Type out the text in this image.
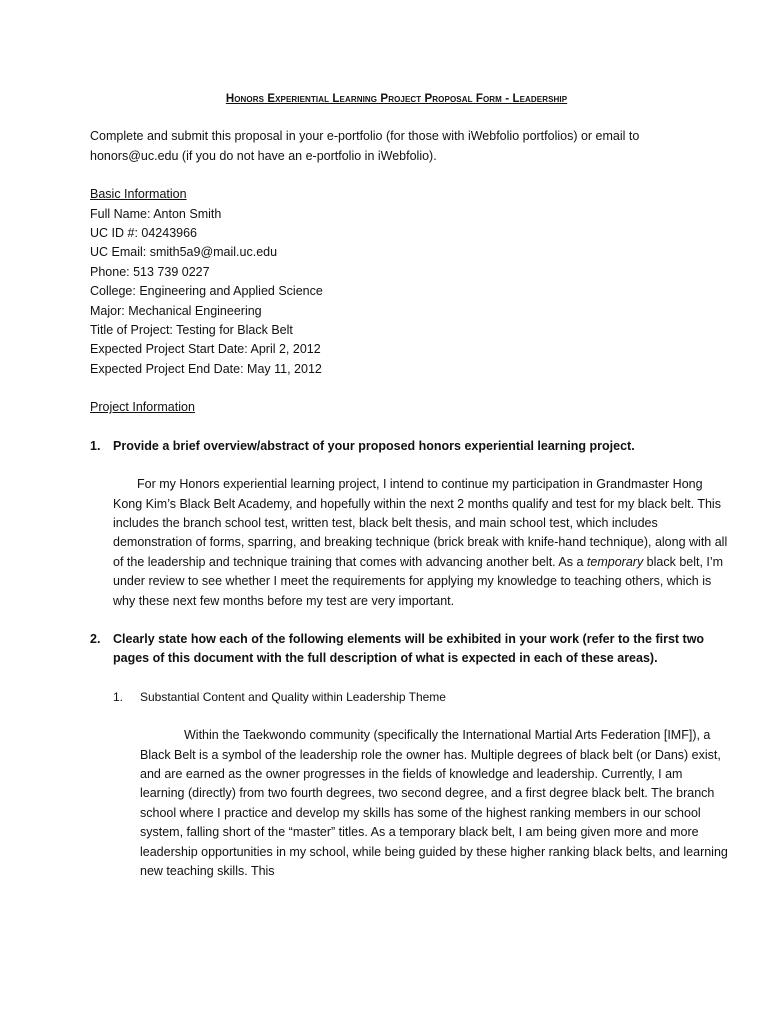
Honors Experiential Learning Project Proposal Form - Leadership
Complete and submit this proposal in your e-portfolio (for those with iWebfolio portfolios) or email to honors@uc.edu (if you do not have an e-portfolio in iWebfolio).
Basic Information
Full Name: Anton Smith
UC ID #: 04243966
UC Email: smith5a9@mail.uc.edu
Phone: 513 739 0227
College: Engineering and Applied Science
Major: Mechanical Engineering
Title of Project: Testing for Black Belt
Expected Project Start Date: April 2, 2012
Expected Project End Date: May 11, 2012
Project Information
1.	Provide a brief overview/abstract of your proposed honors experiential learning project.
For my Honors experiential learning project, I intend to continue my participation in Grandmaster Hong Kong Kim’s Black Belt Academy, and hopefully within the next 2 months qualify and test for my black belt. This includes the branch school test, written test, black belt thesis, and main school test, which includes demonstration of forms, sparring, and breaking technique (brick break with knife-hand technique), along with all of the leadership and technique training that comes with advancing another belt. As a temporary black belt, I’m under review to see whether I meet the requirements for applying my knowledge to teaching others, which is why these next few months before my test are very important.
2.	Clearly state how each of the following elements will be exhibited in your work (refer to the first two pages of this document with the full description of what is expected in each of these areas).
1.	Substantial Content and Quality within Leadership Theme
Within the Taekwondo community (specifically the International Martial Arts Federation [IMF]), a Black Belt is a symbol of the leadership role the owner has. Multiple degrees of black belt (or Dans) exist, and are earned as the owner progresses in the fields of knowledge and leadership. Currently, I am learning (directly) from two fourth degrees, two second degree, and a first degree black belt. The branch school where I practice and develop my skills has some of the highest ranking members in our school system, falling short of the “master” titles. As a temporary black belt, I am being given more and more leadership opportunities in my school, while being guided by these higher ranking black belts, and learning new teaching skills. This
